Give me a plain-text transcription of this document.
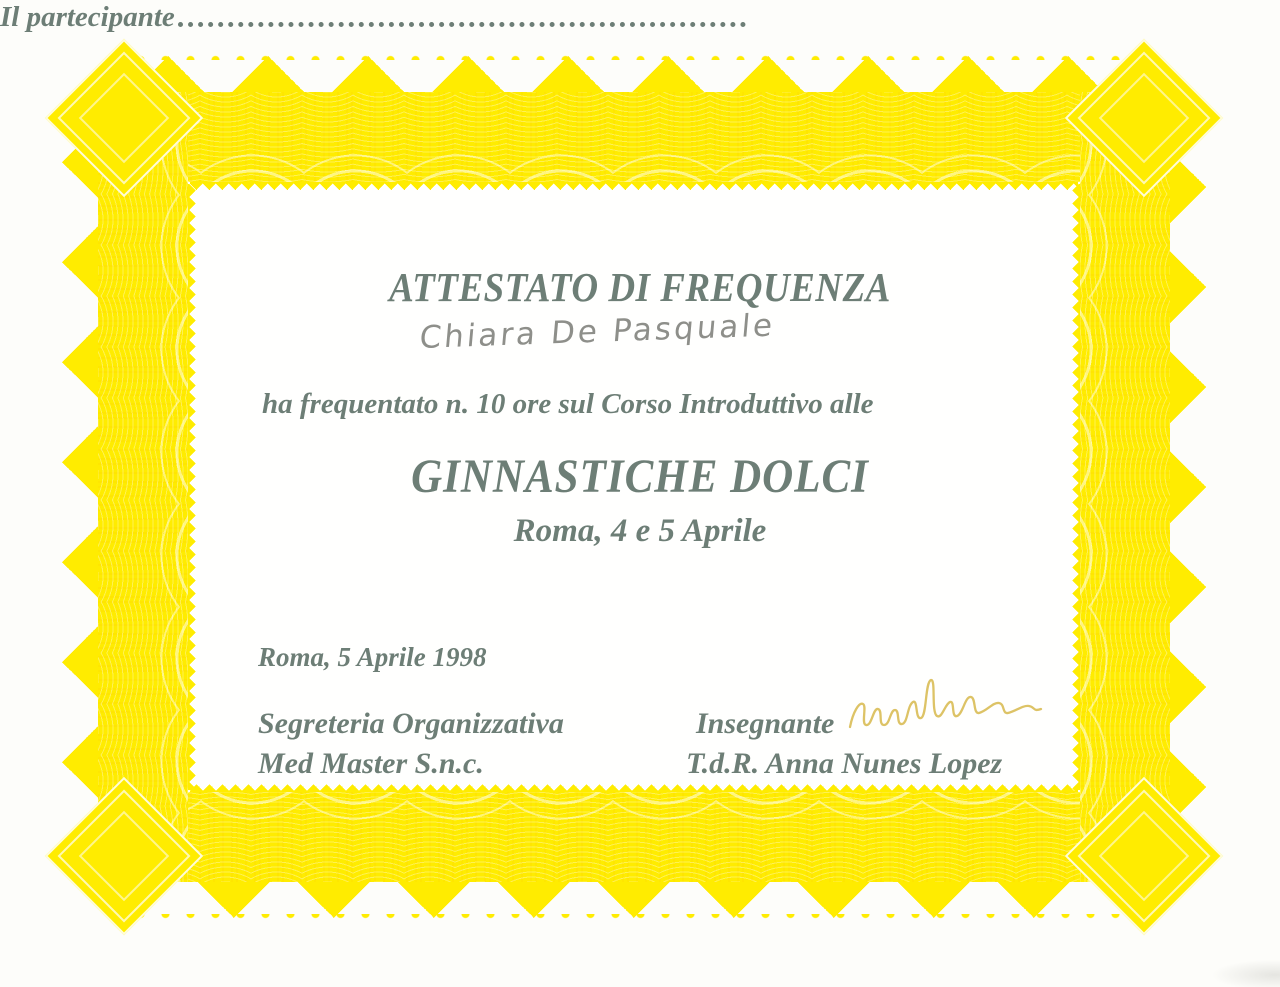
ATTESTATO DI FREQUENZA
Il partecipante
Chiara De Pasquale
ha frequentato n. 10 ore sul Corso Introduttivo alle
GINNASTICHE DOLCI
Roma, 4 e 5 Aprile
Roma, 5 Aprile 1998
Segreteria Organizzativa
Med Master S.n.c.
Insegnante
T.d.R. Anna Nunes Lopez
